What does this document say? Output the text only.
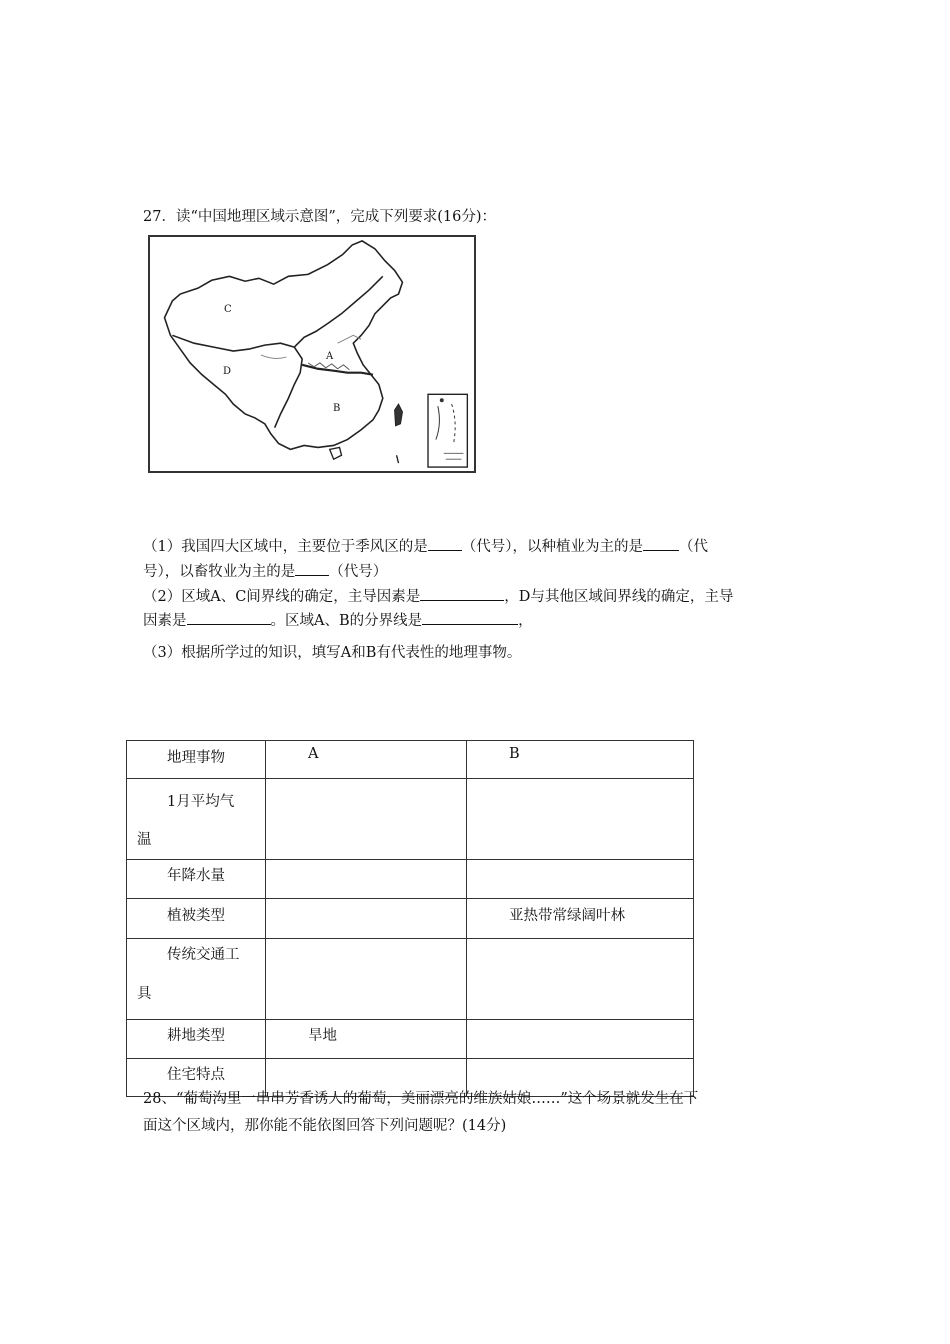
27．读“中国地理区域示意图”，完成下列要求(16分)：
C
D
A
B
（1）我国四大区域中，主要位于季风区的是 （代号），以种植业为主的是 （代
号），以畜牧业为主的是 （代号）
（2）区域A、C间界线的确定，主导因素是	，D与其他区域间界线的确定，主导
因素是	。区域A、B的分界线是	，
（3）根据所学过的知识，填写A和B有代表性的地理事物。
地理事物	A	B

1月平均气
温		

年降水量		

植被类型		亚热带常绿阔叶林

传统交通工
具		

耕地类型	旱地	

住宅特点		

28、“葡萄沟里一串串芳香诱人的葡萄，美丽漂亮的维族姑娘……”这个场景就发生在下
面这个区域内，那你能不能依图回答下列问题呢？(14分)
